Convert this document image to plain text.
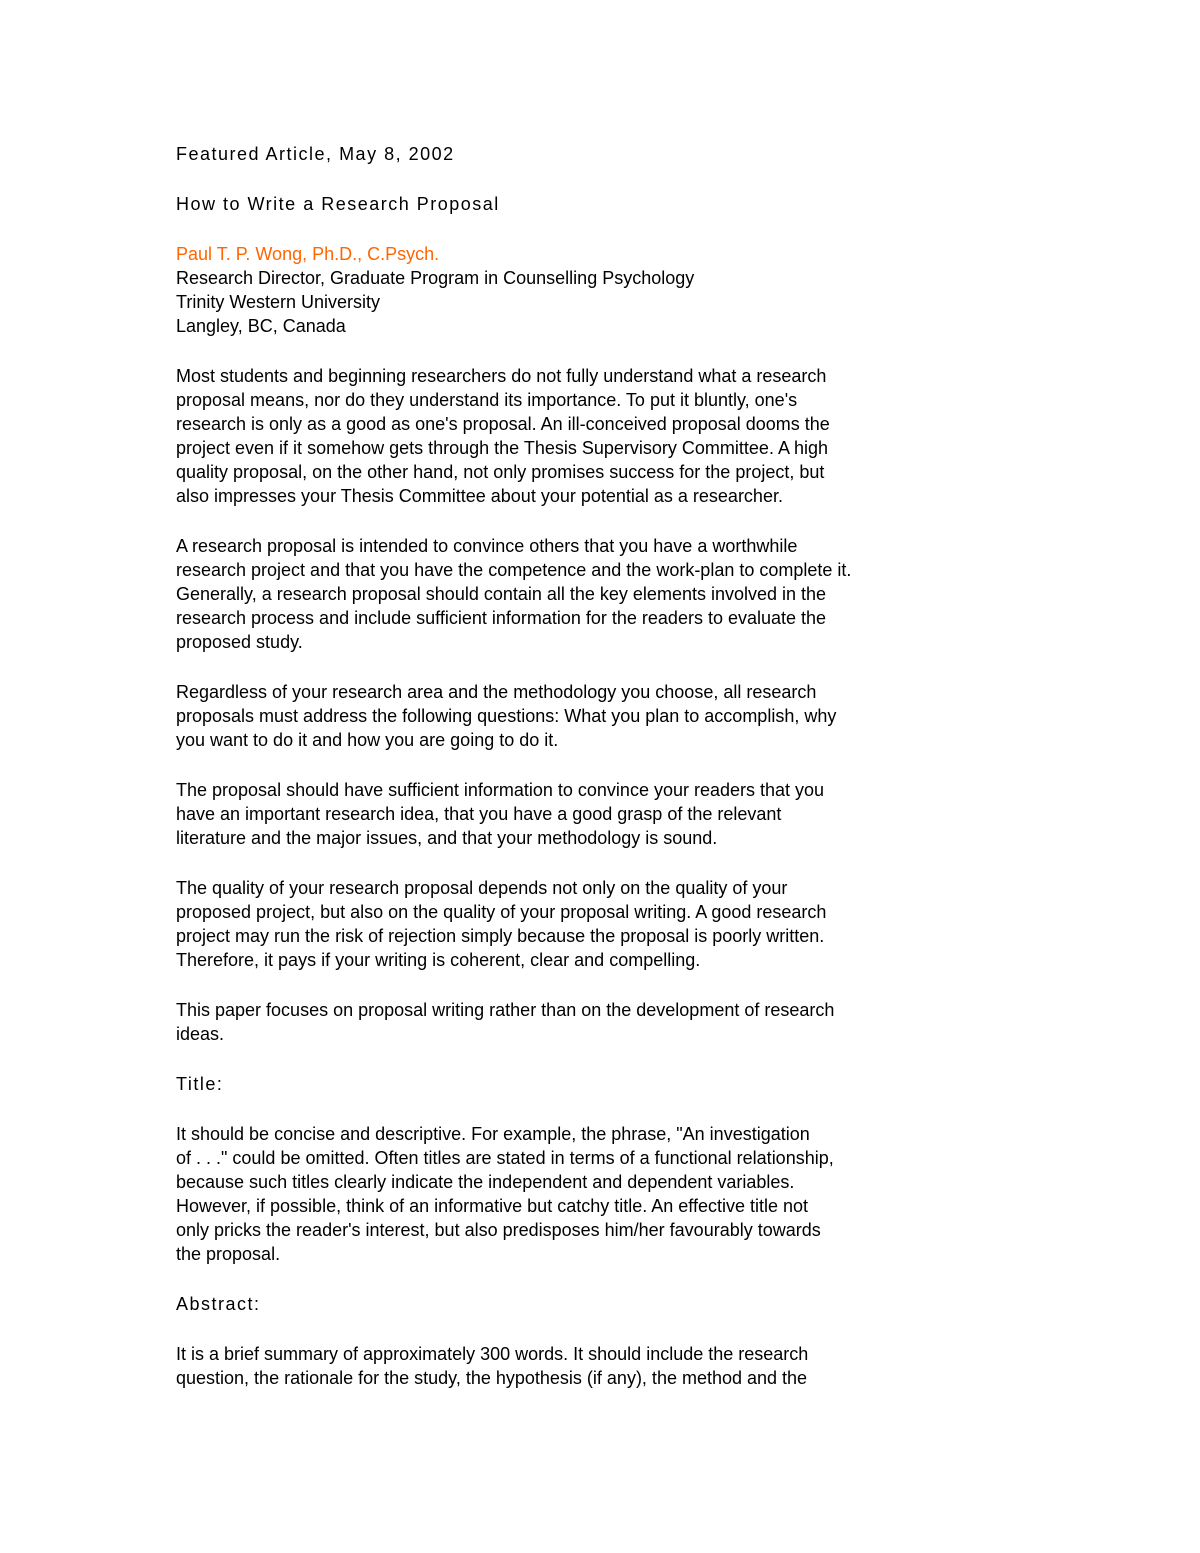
Featured Article, May 8, 2002
How to Write a Research Proposal
Paul T. P. Wong, Ph.D., C.Psych.
Research Director, Graduate Program in Counselling Psychology
Trinity Western University
Langley, BC, Canada
Most students and beginning researchers do not fully understand what a research
proposal means, nor do they understand its importance. To put it bluntly, one's
research is only as a good as one's proposal. An ill-conceived proposal dooms the
project even if it somehow gets through the Thesis Supervisory Committee. A high
quality proposal, on the other hand, not only promises success for the project, but
also impresses your Thesis Committee about your potential as a researcher.
A research proposal is intended to convince others that you have a worthwhile
research project and that you have the competence and the work-plan to complete it.
Generally, a research proposal should contain all the key elements involved in the
research process and include sufficient information for the readers to evaluate the
proposed study.
Regardless of your research area and the methodology you choose, all research
proposals must address the following questions: What you plan to accomplish, why
you want to do it and how you are going to do it.
The proposal should have sufficient information to convince your readers that you
have an important research idea, that you have a good grasp of the relevant
literature and the major issues, and that your methodology is sound.
The quality of your research proposal depends not only on the quality of your
proposed project, but also on the quality of your proposal writing. A good research
project may run the risk of rejection simply because the proposal is poorly written.
Therefore, it pays if your writing is coherent, clear and compelling.
This paper focuses on proposal writing rather than on the development of research
ideas.
Title:
It should be concise and descriptive. For example, the phrase, "An investigation
of . . ." could be omitted. Often titles are stated in terms of a functional relationship,
because such titles clearly indicate the independent and dependent variables.
However, if possible, think of an informative but catchy title. An effective title not
only pricks the reader's interest, but also predisposes him/her favourably towards
the proposal.
Abstract:
It is a brief summary of approximately 300 words. It should include the research
question, the rationale for the study, the hypothesis (if any), the method and the
